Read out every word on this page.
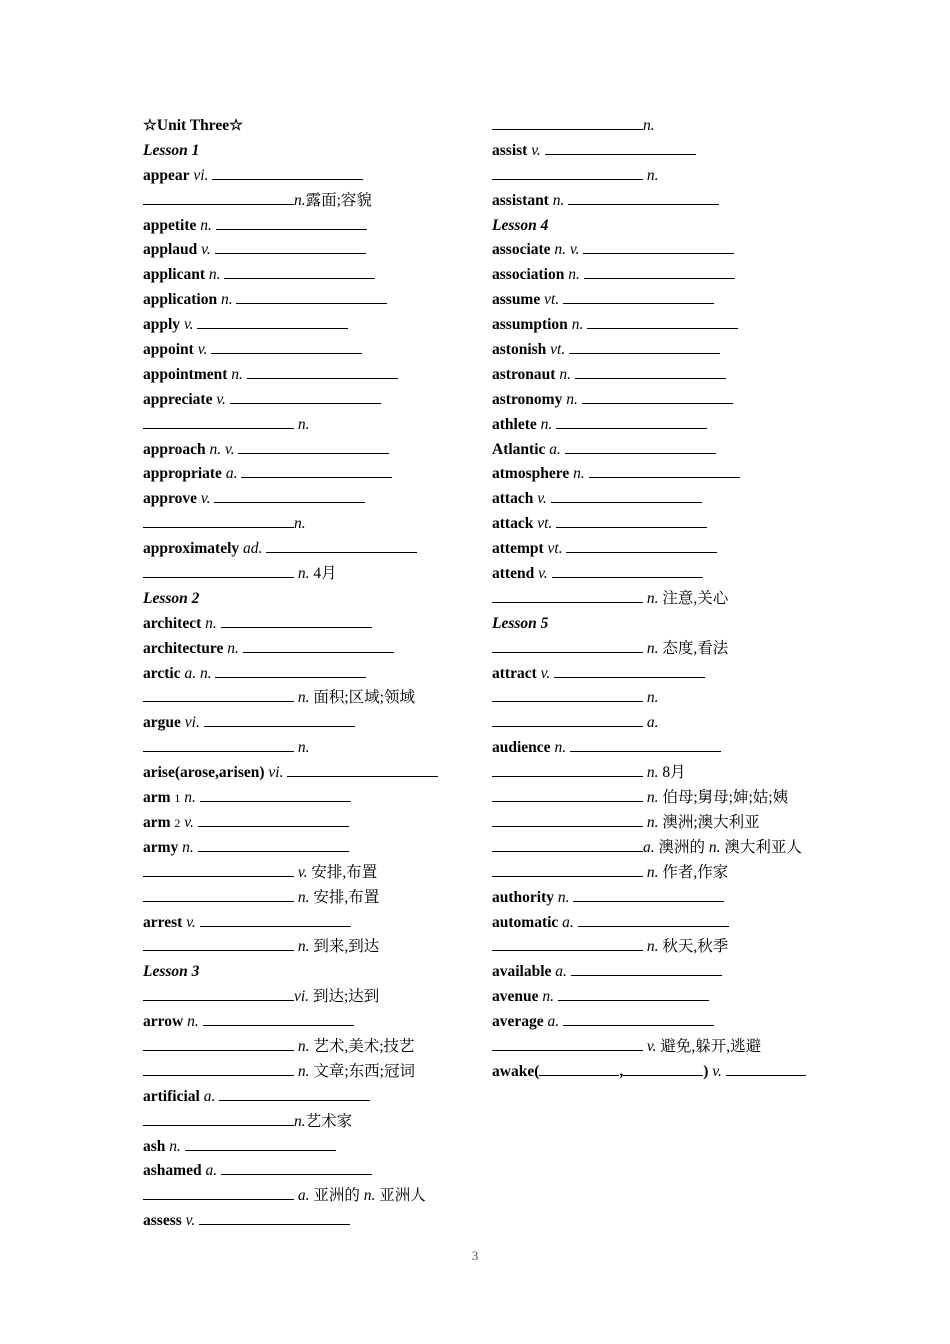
☆Unit Three☆
Lesson 1
appear vi.
n.露面;容貌
appetite n.
applaud v.
applicant n.
application n.
apply v.
appoint v.
appointment n.
appreciate v.
n.
approach n. v.
appropriate a.
approve v.
n.
approximately ad.
n. 4月
Lesson 2
architect n.
architecture n.
arctic a. n.
n. 面积;区域;领域
argue vi.
n.
arise(arose,arisen) vi.
arm 1 n.
arm 2 v.
army n.
v. 安排,布置
n. 安排,布置
arrest v.
n. 到来,到达
Lesson 3
vi. 到达;达到
arrow n.
n. 艺术,美术;技艺
n. 文章;东西;冠词
artificial a.
n.艺术家
ash n.
ashamed a.
a. 亚洲的 n. 亚洲人
assess v.
n.
assist v.
n.
assistant n.
Lesson 4
associate n. v.
association n.
assume vt.
assumption n.
astonish vt.
astronaut n.
astronomy n.
athlete n.
Atlantic a.
atmosphere n.
attach v.
attack vt.
attempt vt.
attend v.
n. 注意,关心
Lesson 5
n. 态度,看法
attract v.
n.
a.
audience n.
n. 8月
n. 伯母;舅母;婶;姑;姨
n. 澳洲;澳大利亚
a. 澳洲的 n. 澳大利亚人
n. 作者,作家
authority n.
automatic a.
n. 秋天,秋季
available a.
avenue n.
average a.
v. 避免,躲开,逃避
awake(	,	) v.
3
